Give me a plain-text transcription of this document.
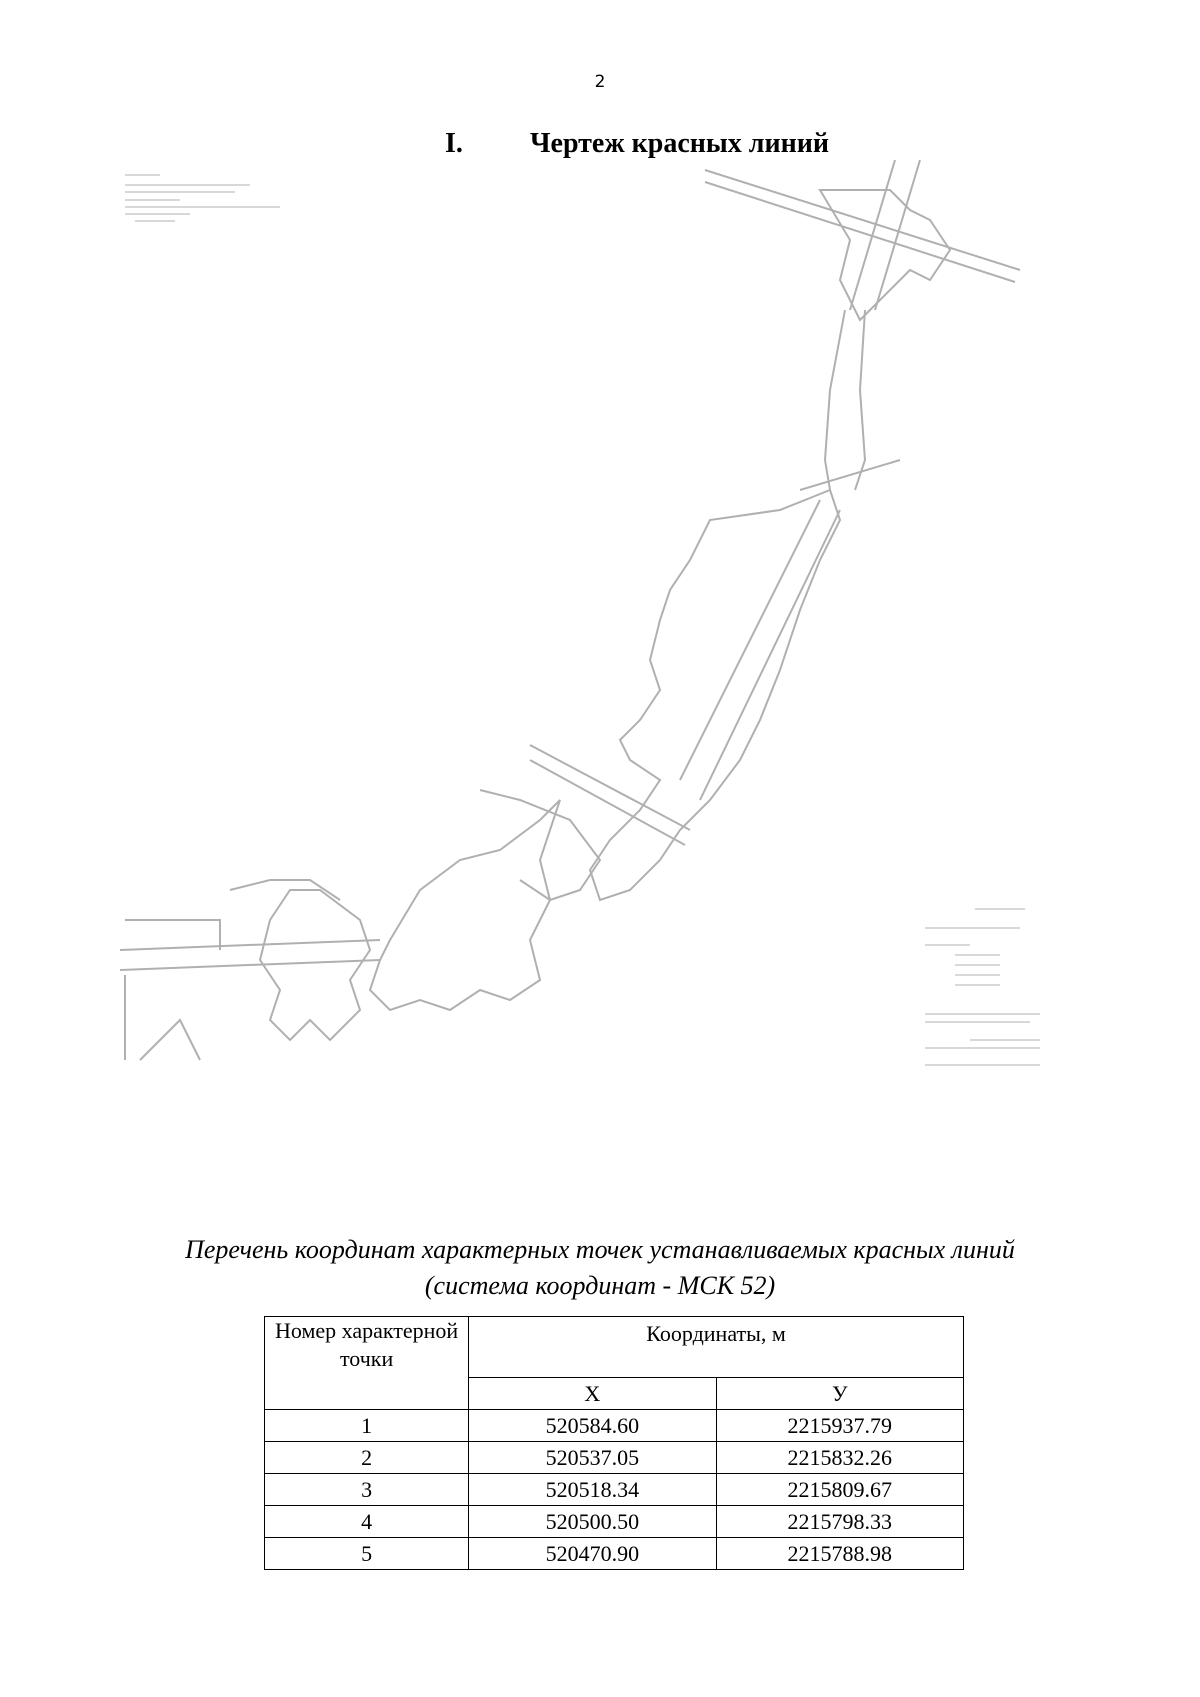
2
I. Чертеж красных линий
Перечень координат характерных точек устанавливаемых красных линий
(система координат - МСК 52)
Номер характерной точки	Координаты, м	
	X	У
1	520584.60	2215937.79
2	520537.05	2215832.26
3	520518.34	2215809.67
4	520500.50	2215798.33
5	520470.90	2215788.98
